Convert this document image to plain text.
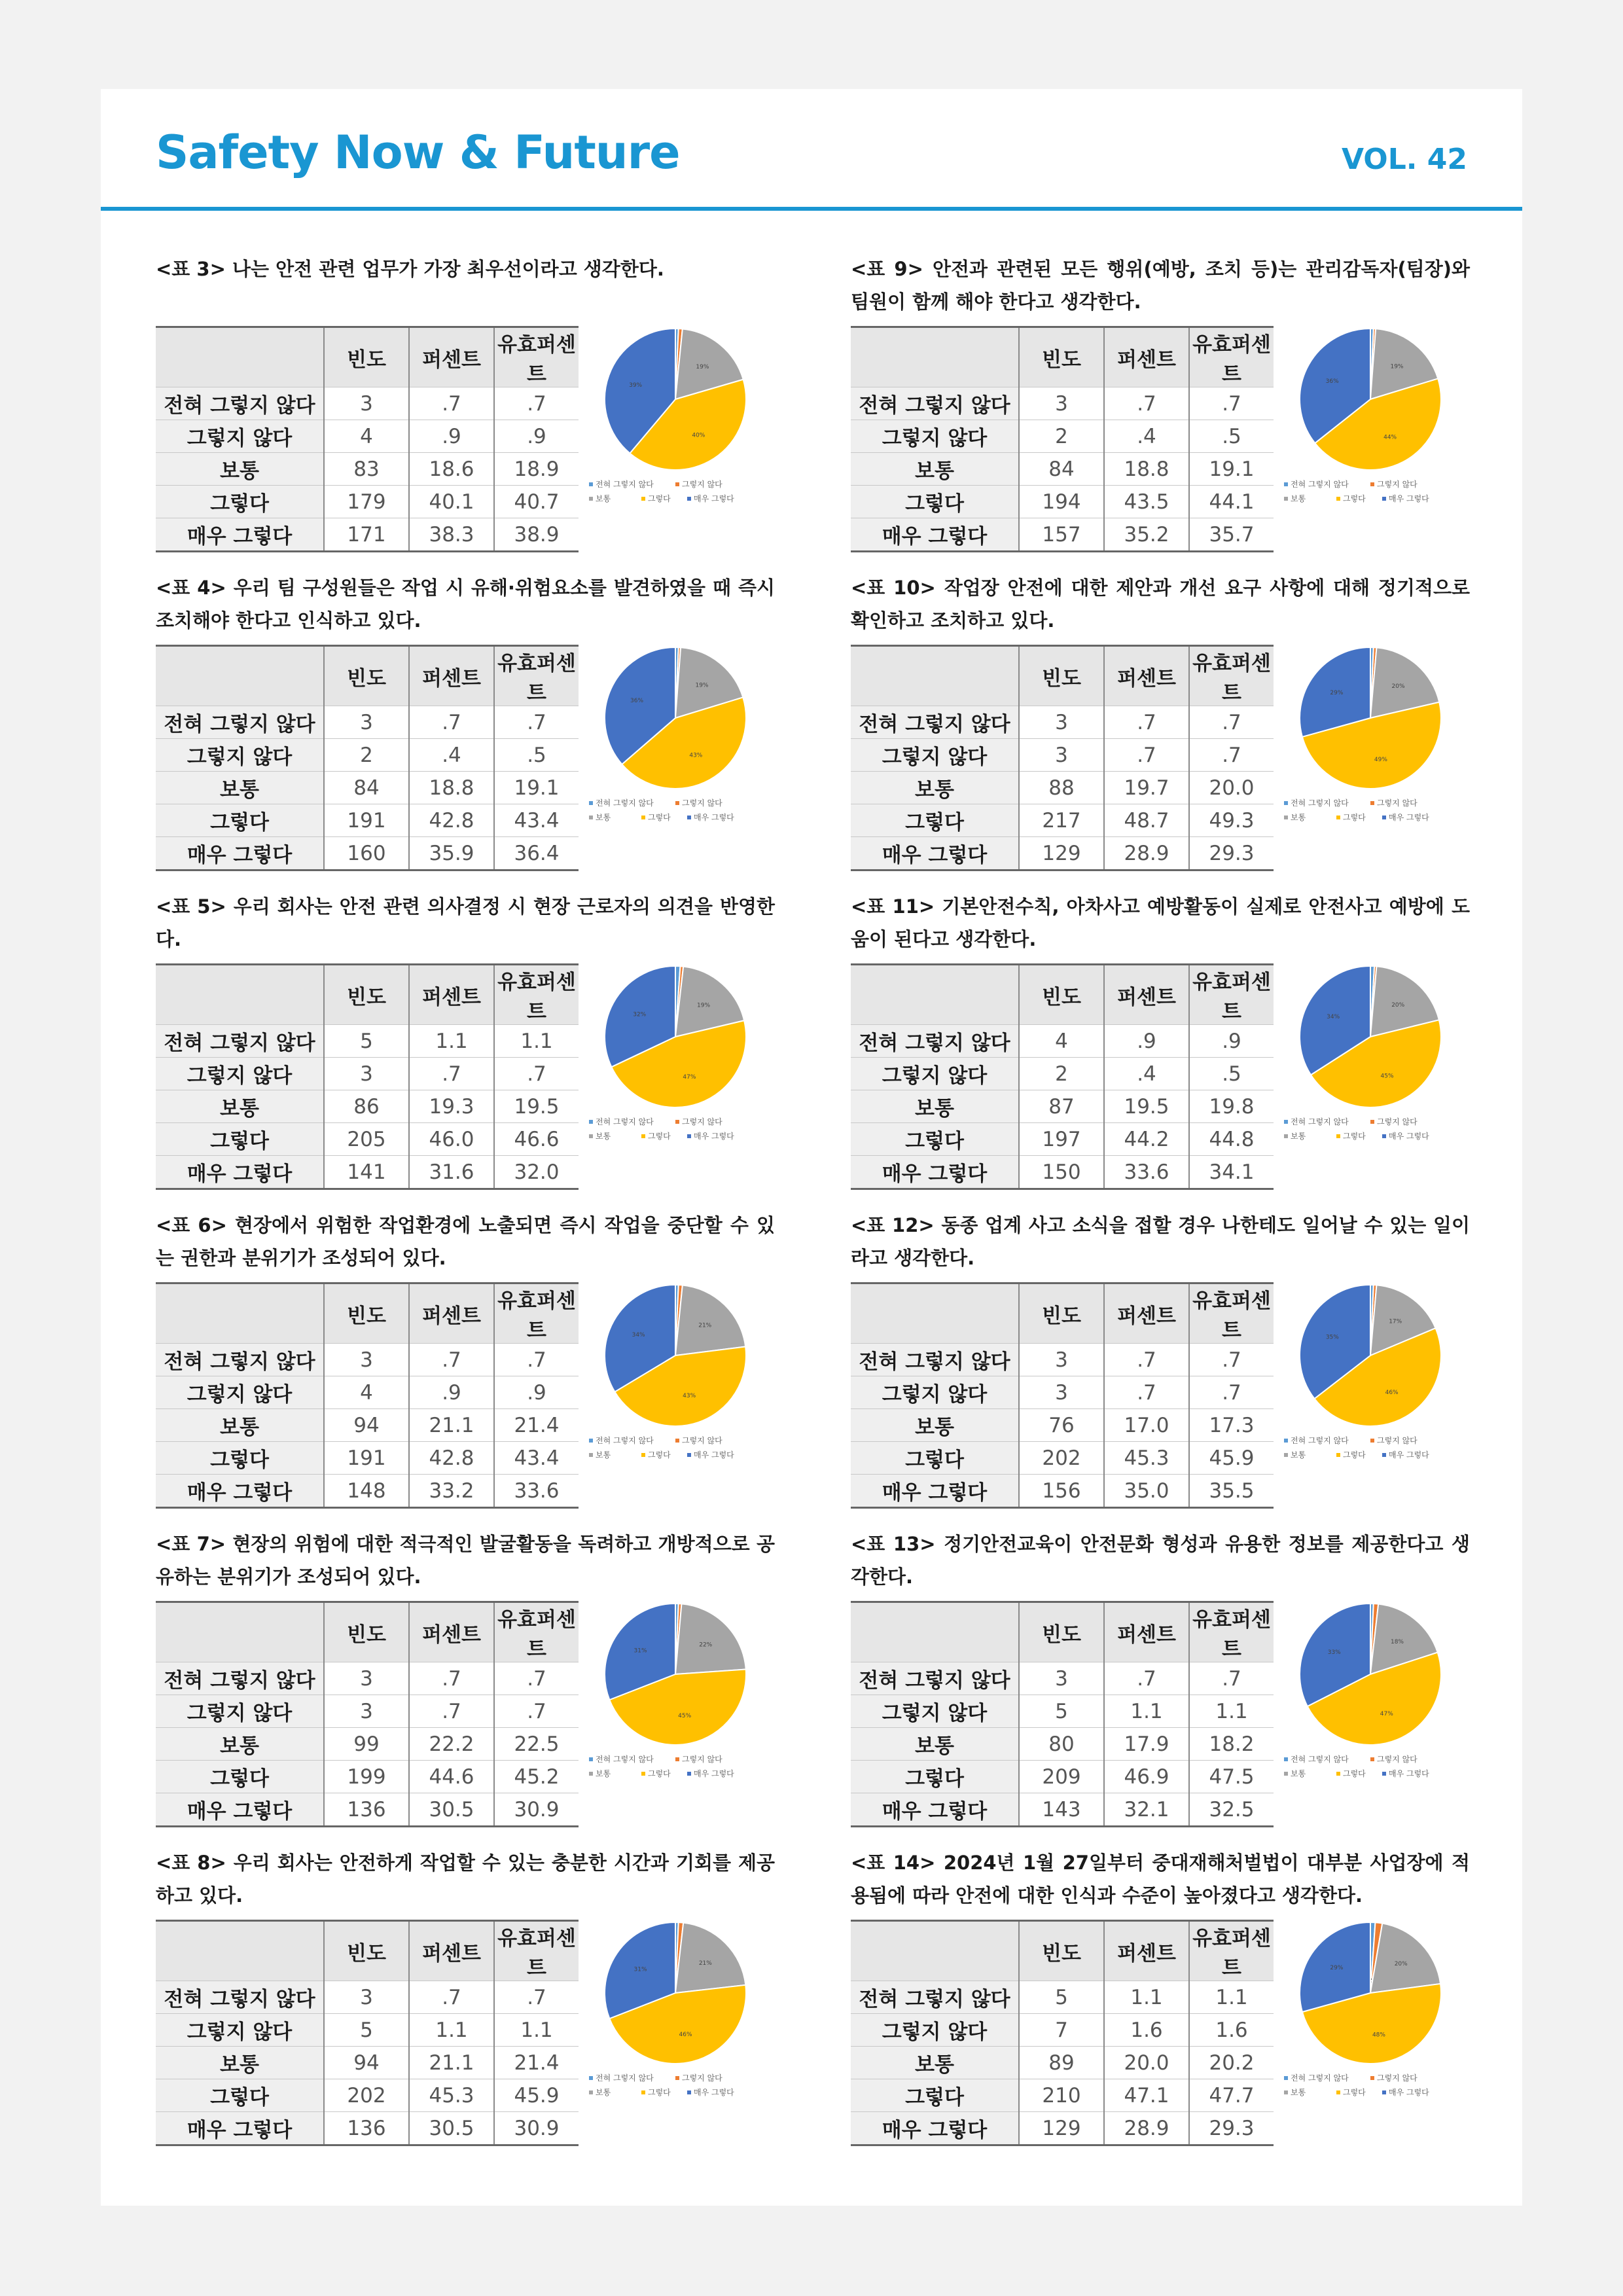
Safety Now & Future	VOL. 42
<표 3> 나는 안전 관련 업무가 가장 최우선이라고 생각한다.
	빈도	퍼센트	유효퍼센트
전혀 그렇지 않다	3	.7	.7
그렇지 않다	4	.9	.9
보통	83	18.6	18.9
그렇다	179	40.1	40.7
매우 그렇다	171	38.3	38.9
19%
40%
39%
전혀 그렇지 않다	그렇지 않다
보통	그렇다	매우 그렇다
<표 9> 안전과 관련된 모든 행위(예방, 조치 등)는 관리감독자(팀장)와 팀원이 함께 해야 한다고 생각한다.
	빈도	퍼센트	유효퍼센트
전혀 그렇지 않다	3	.7	.7
그렇지 않다	2	.4	.5
보통	84	18.8	19.1
그렇다	194	43.5	44.1
매우 그렇다	157	35.2	35.7
19%
44%
36%
전혀 그렇지 않다	그렇지 않다
보통	그렇다	매우 그렇다
<표 4> 우리 팀 구성원들은 작업 시 유해·위험요소를 발견하였을 때 즉시 조치해야 한다고 인식하고 있다.
	빈도	퍼센트	유효퍼센트
전혀 그렇지 않다	3	.7	.7
그렇지 않다	2	.4	.5
보통	84	18.8	19.1
그렇다	191	42.8	43.4
매우 그렇다	160	35.9	36.4
19%
43%
36%
전혀 그렇지 않다	그렇지 않다
보통	그렇다	매우 그렇다
<표 10> 작업장 안전에 대한 제안과 개선 요구 사항에 대해 정기적으로 확인하고 조치하고 있다.
	빈도	퍼센트	유효퍼센트
전혀 그렇지 않다	3	.7	.7
그렇지 않다	3	.7	.7
보통	88	19.7	20.0
그렇다	217	48.7	49.3
매우 그렇다	129	28.9	29.3
20%
49%
29%
전혀 그렇지 않다	그렇지 않다
보통	그렇다	매우 그렇다
<표 5> 우리 회사는 안전 관련 의사결정 시 현장 근로자의 의견을 반영한다.
	빈도	퍼센트	유효퍼센트
전혀 그렇지 않다	5	1.1	1.1
그렇지 않다	3	.7	.7
보통	86	19.3	19.5
그렇다	205	46.0	46.6
매우 그렇다	141	31.6	32.0
19%
47%
32%
전혀 그렇지 않다	그렇지 않다
보통	그렇다	매우 그렇다
<표 11> 기본안전수칙, 아차사고 예방활동이 실제로 안전사고 예방에 도움이 된다고 생각한다.
	빈도	퍼센트	유효퍼센트
전혀 그렇지 않다	4	.9	.9
그렇지 않다	2	.4	.5
보통	87	19.5	19.8
그렇다	197	44.2	44.8
매우 그렇다	150	33.6	34.1
20%
45%
34%
전혀 그렇지 않다	그렇지 않다
보통	그렇다	매우 그렇다
<표 6> 현장에서 위험한 작업환경에 노출되면 즉시 작업을 중단할 수 있는 권한과 분위기가 조성되어 있다.
	빈도	퍼센트	유효퍼센트
전혀 그렇지 않다	3	.7	.7
그렇지 않다	4	.9	.9
보통	94	21.1	21.4
그렇다	191	42.8	43.4
매우 그렇다	148	33.2	33.6
21%
43%
34%
전혀 그렇지 않다	그렇지 않다
보통	그렇다	매우 그렇다
<표 12> 동종 업계 사고 소식을 접할 경우 나한테도 일어날 수 있는 일이라고 생각한다.
	빈도	퍼센트	유효퍼센트
전혀 그렇지 않다	3	.7	.7
그렇지 않다	3	.7	.7
보통	76	17.0	17.3
그렇다	202	45.3	45.9
매우 그렇다	156	35.0	35.5
17%
46%
35%
전혀 그렇지 않다	그렇지 않다
보통	그렇다	매우 그렇다
<표 7> 현장의 위험에 대한 적극적인 발굴활동을 독려하고 개방적으로 공유하는 분위기가 조성되어 있다.
	빈도	퍼센트	유효퍼센트
전혀 그렇지 않다	3	.7	.7
그렇지 않다	3	.7	.7
보통	99	22.2	22.5
그렇다	199	44.6	45.2
매우 그렇다	136	30.5	30.9
22%
45%
31%
전혀 그렇지 않다	그렇지 않다
보통	그렇다	매우 그렇다
<표 13> 정기안전교육이 안전문화 형성과 유용한 정보를 제공한다고 생각한다.
	빈도	퍼센트	유효퍼센트
전혀 그렇지 않다	3	.7	.7
그렇지 않다	5	1.1	1.1
보통	80	17.9	18.2
그렇다	209	46.9	47.5
매우 그렇다	143	32.1	32.5
18%
47%
33%
전혀 그렇지 않다	그렇지 않다
보통	그렇다	매우 그렇다
<표 8> 우리 회사는 안전하게 작업할 수 있는 충분한 시간과 기회를 제공하고 있다.
	빈도	퍼센트	유효퍼센트
전혀 그렇지 않다	3	.7	.7
그렇지 않다	5	1.1	1.1
보통	94	21.1	21.4
그렇다	202	45.3	45.9
매우 그렇다	136	30.5	30.9
21%
46%
31%
전혀 그렇지 않다	그렇지 않다
보통	그렇다	매우 그렇다
<표 14> 2024년 1월 27일부터 중대재해처벌법이 대부분 사업장에 적용됨에 따라 안전에 대한 인식과 수준이 높아졌다고 생각한다.
	빈도	퍼센트	유효퍼센트
전혀 그렇지 않다	5	1.1	1.1
그렇지 않다	7	1.6	1.6
보통	89	20.0	20.2
그렇다	210	47.1	47.7
매우 그렇다	129	28.9	29.3
20%
48%
29%
전혀 그렇지 않다	그렇지 않다
보통	그렇다	매우 그렇다
